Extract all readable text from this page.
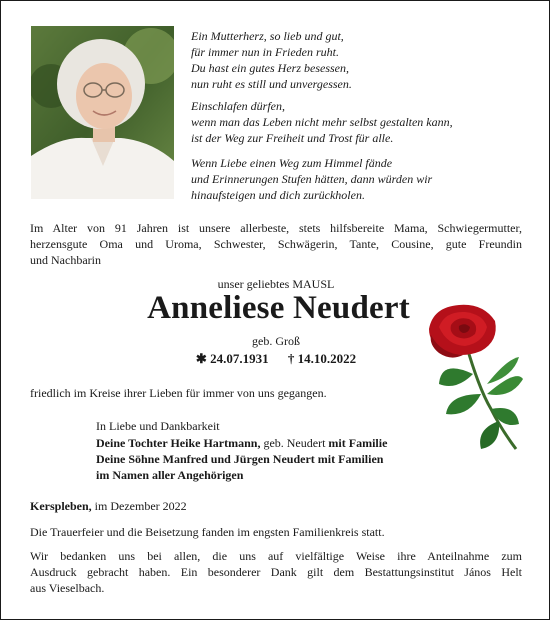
Ein Mutterherz, so lieb und gut,
für immer nun in Frieden ruht.
Du hast ein gutes Herz besessen,
nun ruht es still und unvergessen.
Einschlafen dürfen,
wenn man das Leben nicht mehr selbst gestalten kann,
ist der Weg zur Freiheit und Trost für alle.
Wenn Liebe einen Weg zum Himmel fände
und Erinnerungen Stufen hätten, dann würden wir
hinaufsteigen und dich zurückholen.
Im Alter von 91 Jahren ist unsere allerbeste, stets hilfsbereite Mama, Schwiegermutter,
herzensgute Oma und Uroma, Schwester, Schwägerin, Tante, Cousine, gute Freundin
und Nachbarin
unser geliebtes MAUSL
Anneliese Neudert
geb. Groß
✱ 24.07.1931 † 14.10.2022
friedlich im Kreise ihrer Lieben für immer von uns gegangen.
In Liebe und Dankbarkeit
Deine Tochter Heike Hartmann, geb. Neudert mit Familie
Deine Söhne Manfred und Jürgen Neudert mit Familien
im Namen aller Angehörigen
Kerspleben, im Dezember 2022
Die Trauerfeier und die Beisetzung fanden im engsten Familienkreis statt.
Wir bedanken uns bei allen, die uns auf vielfältige Weise ihre Anteilnahme zum
Ausdruck gebracht haben. Ein besonderer Dank gilt dem Bestattungsinstitut János Helt
aus Vieselbach.
